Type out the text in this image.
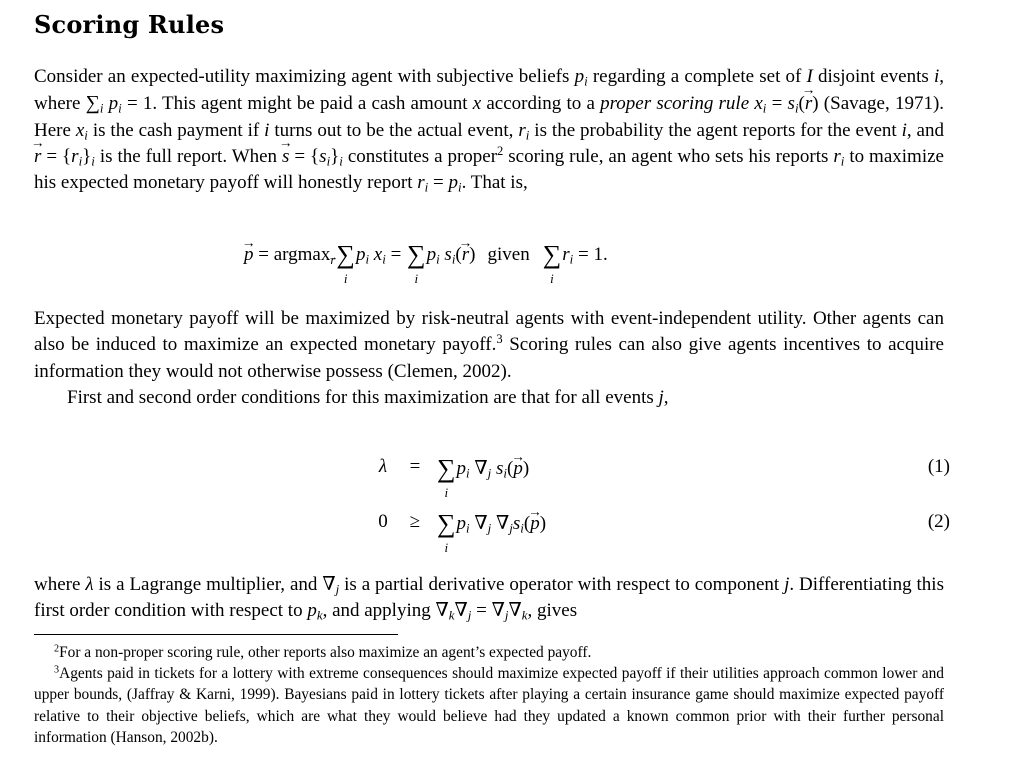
Scoring Rules

Consider an expected-utility maximizing agent with subjective beliefs $p_i$ regarding a complete set of I disjoint events i, where $\sum_i$ $p_i = 1$. This agent might be paid a cash amount x according to a proper scoring rule $x_i = s_i(\to r)$ (Savage, 1971). Here $x_i$ is the cash payment if i turns out to be the actual event, $r_i$ is the probability the agent reports for the event i, and → $r = \{r_i\}_i$ is the full report. When → $s = \{s_i\}_i$ constitutes a proper$^2$ scoring rule, an agent who sets his reports $r_i$ to maximize his expected monetary payoff will honestly report $r_i = p_i$. That is,

→ p = argmax$_r$∑
i
$p_i$ $x_i$ = ∑
i
$p_i$ $s_i(\to r)$ given ∑
i
$r_i = 1$.

Expected monetary payoff will be maximized by risk-neutral agents with event-independent utility. Other agents can also be induced to maximize an expected monetary payoff.$^3$ Scoring rules can also give agents incentives to acquire information they would not otherwise possess (Clemen, 2002).

First and second order conditions for this maximization are that for all events j,

λ	= ∑
i
$p_i$ $\nabla_j$ $s_i(\to p)$	(1)
0	≥ ∑
i
$p_i$ $\nabla_j$ $\nabla_js_i(\to p)$	(2)

where λ is a Lagrange multiplier, and $\nabla_j$ is a partial derivative operator with respect to component j. Differentiating this first order condition with respect to $p_k$, and applying $\nabla_k\nabla_j = \nabla_j\nabla_k$, gives

$^2$For a non-proper scoring rule, other reports also maximize an agent’s expected payoff.

$^3$Agents paid in tickets for a lottery with extreme consequences should maximize expected payoff if their utilities approach common lower and upper bounds, (Jaffray & Karni, 1999). Bayesians paid in lottery tickets after playing a certain insurance game should maximize expected payoff relative to their objective beliefs, which are what they would believe had they updated a known common prior with their further personal information (Hanson, 2002b).
